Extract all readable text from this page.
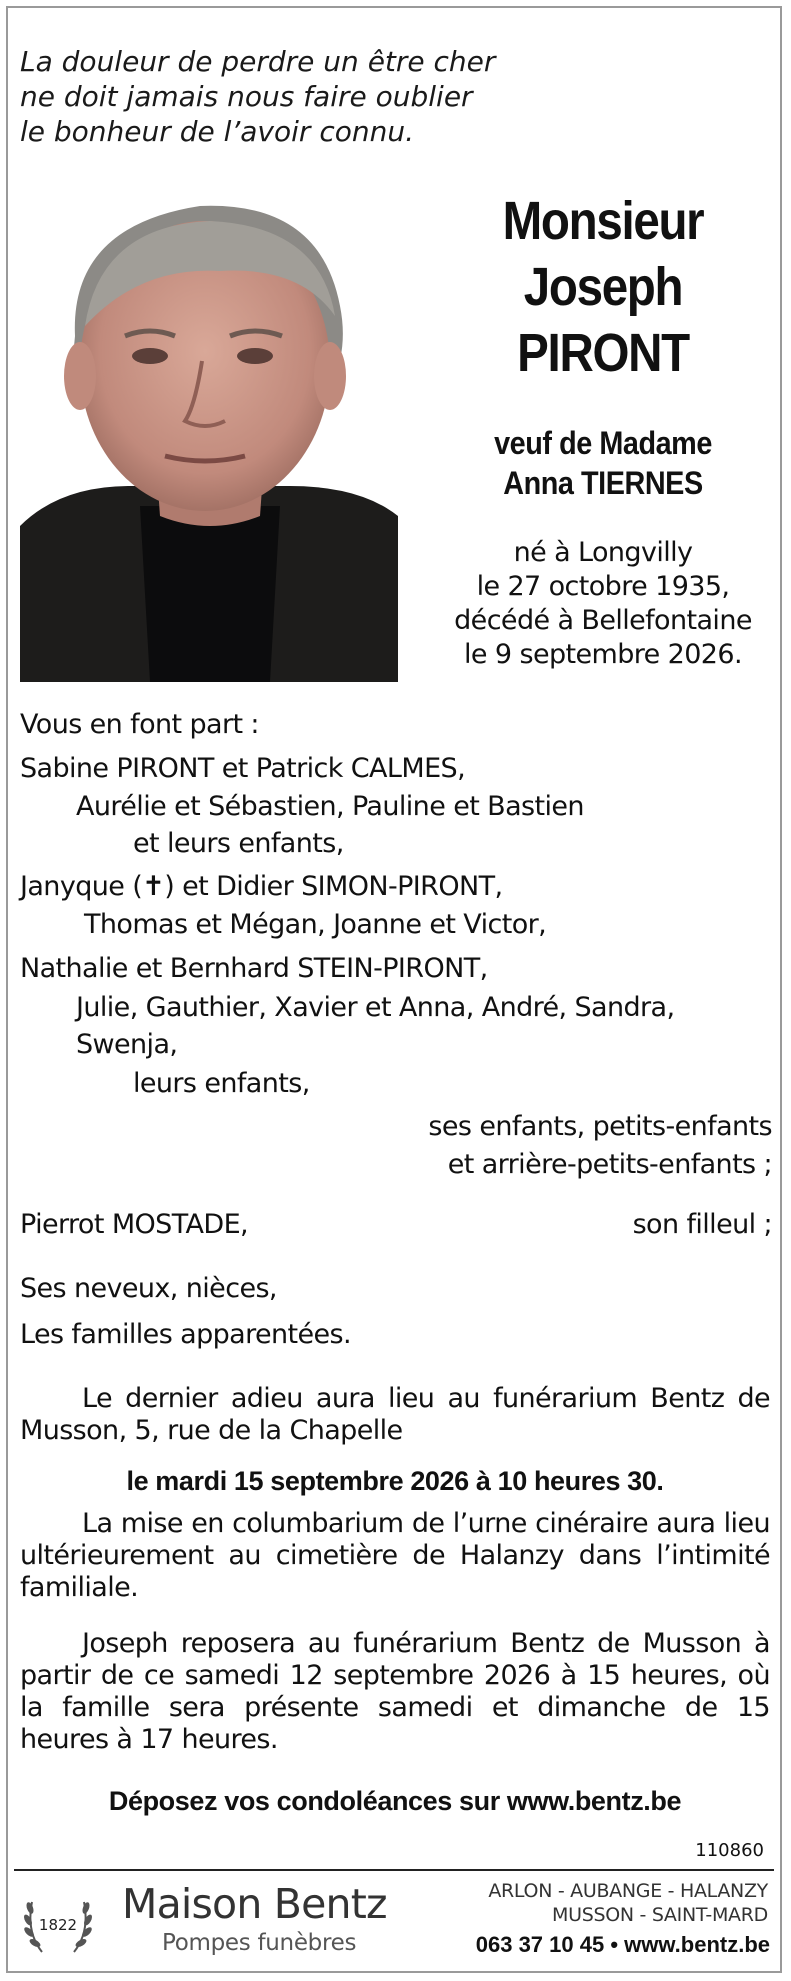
La douleur de perdre un être cher
ne doit jamais nous faire oublier
le bonheur de l’avoir connu.
Monsieur
Joseph
PIRONT
veuf de Madame
Anna TIERNES
né à Longvilly
le 27 octobre 1935,
décédé à Bellefontaine
le 9 septembre 2026.
Vous en font part :
Sabine PIRONT et Patrick CALMES,
Aurélie et Sébastien, Pauline et Bastien
et leurs enfants,
Janyque (✝) et Didier SIMON-PIRONT,
Thomas et Mégan, Joanne et Victor,
Nathalie et Bernhard STEIN-PIRONT,
Julie, Gauthier, Xavier et Anna, André, Sandra,
Swenja,
leurs enfants,
ses enfants, petits-enfants
et arrière-petits-enfants ;
Pierrot MOSTADE,	son filleul ;
Ses neveux, nièces,
Les familles apparentées.
Le dernier adieu aura lieu au funérarium Bentz de Musson, 5, rue de la Chapelle
le mardi 15 septembre 2026 à 10 heures 30.
La mise en columbarium de l’urne cinéraire aura lieu ultérieurement au cimetière de Halanzy dans l’intimité familiale.
Joseph reposera au funérarium Bentz de Musson à partir de ce samedi 12 septembre 2026 à 15 heures, où la famille sera présente samedi et dimanche de 15 heures à 17 heures.
Déposez vos condoléances sur www.bentz.be
110860
1822 Maison Bentz
Pompes funèbres
ARLON - AUBANGE - HALANZY
MUSSON - SAINT-MARD
063 37 10 45 • www.bentz.be
